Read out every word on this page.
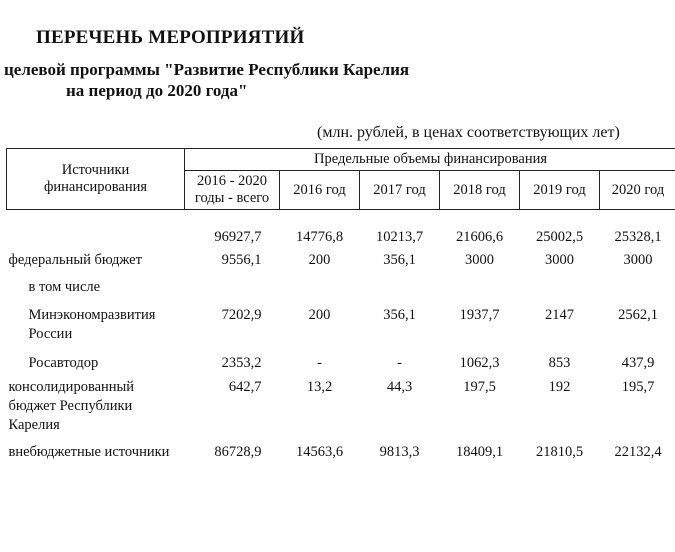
ПЕРЕЧЕНЬ МЕРОПРИЯТИЙ
целевой программы "Развитие Республики Карелия
на период до 2020 года"
(млн. рублей, в ценах соответствующих лет)
Источники финансирования	Предельные объемы финансирования					
	2016 - 2020 годы - всего	2016 год	2017 год	2018 год	2019 год	2020 год
	96927,7	14776,8	10213,7	21606,6	25002,5	25328,1
федеральный бюджет	9556,1	200	356,1	3000	3000	3000
в том числе						
Минэкономразвития России	7202,9	200	356,1	1937,7	2147	2562,1
Росавтодор	2353,2	-	-	1062,3	853	437,9
консолидированный бюджет Республики Карелия	642,7	13,2	44,3	197,5	192	195,7
внебюджетные источники	86728,9	14563,6	9813,3	18409,1	21810,5	22132,4
